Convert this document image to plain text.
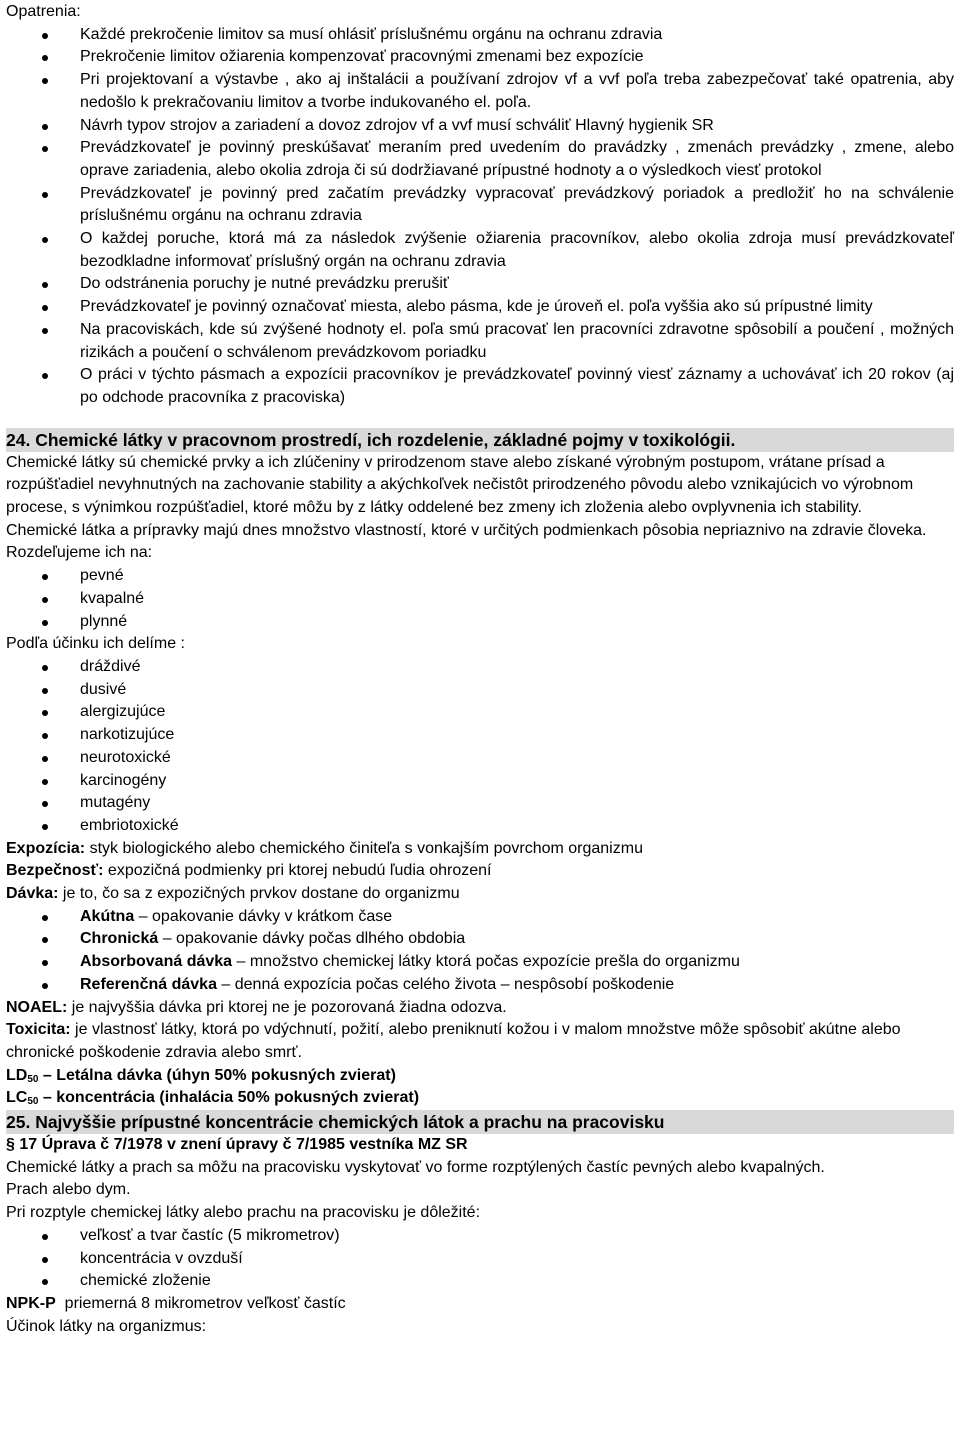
Opatrenia:

Každé prekročenie limitov sa musí ohlásiť príslušnému orgánu na ochranu zdravia
Prekročenie limitov ožiarenia kompenzovať pracovnými zmenami bez expozície
Pri projektovaní a výstavbe , ako aj inštalácii a používaní zdrojov vf a vvf poľa treba zabezpečovať také opatrenia, aby nedošlo k prekračovaniu limitov a tvorbe indukovaného el. poľa.
Návrh typov strojov a zariadení a dovoz zdrojov vf a vvf musí schváliť Hlavný hygienik SR
Prevádzkovateľ je povinný preskúšavať meraním pred uvedením do pravádzky , zmenách prevádzky , zmene, alebo oprave zariadenia, alebo okolia zdroja či sú dodržiavané prípustné hodnoty a o výsledkoch viesť protokol
Prevádzkovateľ je povinný pred začatím prevádzky vypracovať prevádzkový poriadok a predložiť ho na schválenie príslušnému orgánu na ochranu zdravia
O každej poruche, ktorá má za následok zvýšenie ožiarenia pracovníkov, alebo okolia zdroja musí prevádzkovateľ bezodkladne informovať príslušný orgán na ochranu zdravia
Do odstránenia poruchy je nutné prevádzku prerušiť
Prevádzkovateľ je povinný označovať miesta, alebo pásma, kde je úroveň el. poľa vyššia ako sú prípustné limity
Na pracoviskách, kde sú zvýšené hodnoty el. poľa smú pracovať len pracovníci zdravotne spôsobilí a poučení , možných rizikách a poučení o schválenom prevádzkovom poriadku
O práci v týchto pásmach a expozícii pracovníkov je prevádzkovateľ povinný viesť záznamy a uchovávať ich 20 rokov (aj po odchode pracovníka z pracoviska)

24. Chemické látky v pracovnom prostredí, ich rozdelenie, základné pojmy v toxikológii.

Chemické látky sú chemické prvky a ich zlúčeniny v prirodzenom stave alebo získané výrobným postupom, vrátane prísad a rozpúšťadiel nevyhnutných na zachovanie stability a akýchkoľvek nečistôt prirodzeného pôvodu alebo vznikajúcich vo výrobnom procese, s výnimkou rozpúšťadiel, ktoré môžu by z látky oddelené bez zmeny ich zloženia alebo ovplyvnenia ich stability.

Chemické látka a prípravky majú dnes množstvo vlastností, ktoré v určitých podmienkach pôsobia nepriaznivo na zdravie človeka.

Rozdeľujeme ich na:

pevné
kvapalné
plynné

Podľa účinku ich delíme :

dráždivé
dusivé
alergizujúce
narkotizujúce
neurotoxické
karcinogény
mutagény
embriotoxické

Expozícia: styk biologického alebo chemického činiteľa s vonkajším povrchom organizmu

Bezpečnosť: expozičná podmienky pri ktorej nebudú ľudia ohrození

Dávka: je to, čo sa z expozičných prvkov dostane do organizmu

Akútna – opakovanie dávky v krátkom čase
Chronická – opakovanie dávky počas dlhého obdobia
Absorbovaná dávka – množstvo chemickej látky ktorá počas expozície prešla do organizmu
Referenčná dávka – denná expozícia počas celého života – nespôsobí poškodenie

NOAEL: je najvyššia dávka pri ktorej ne je pozorovaná žiadna odozva.

Toxicita: je vlastnosť látky, ktorá po vdýchnutí, požití, alebo preniknutí kožou i v malom množstve môže spôsobiť akútne alebo chronické poškodenie zdravia alebo smrť.

$LD_{50}$ – Letálna dávka (úhyn 50% pokusných zvierat)

$LC_{50}$ – koncentrácia (inhalácia 50% pokusných zvierat)

25. Najvyššie prípustné koncentrácie chemických látok a prachu na pracovisku

§ 17 Úprava č 7/1978 v znení úpravy č 7/1985 vestníka MZ SR

Chemické látky a prach sa môžu na pracovisku vyskytovať vo forme rozptýlených častíc pevných alebo kvapalných.

Prach alebo dym.

Pri rozptyle chemickej látky alebo prachu na pracovisku je dôležité:

veľkosť a tvar častíc (5 mikrometrov)
koncentrácia v ovzduší
chemické zloženie

NPK-P  priemerná 8 mikrometrov veľkosť častíc

Účinok látky na organizmus:
